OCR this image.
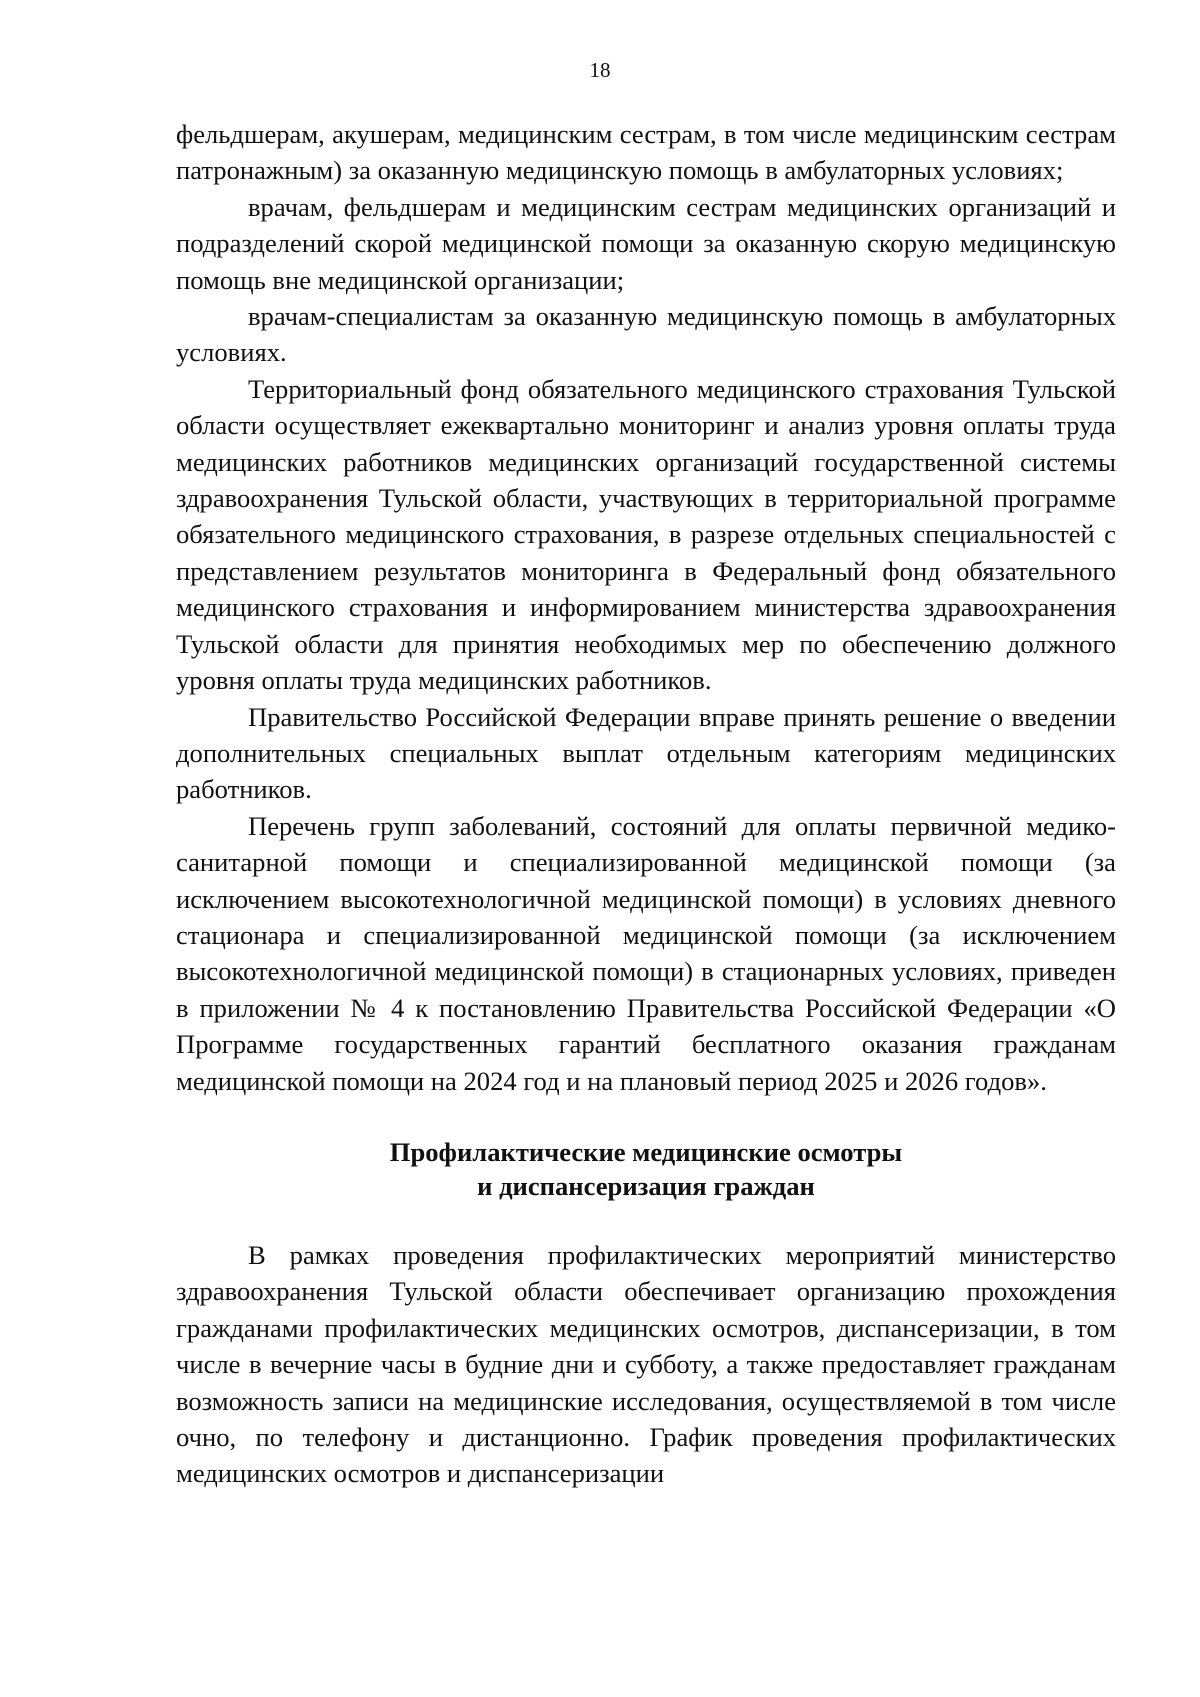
18

фельдшерам, акушерам, медицинским сестрам, в том числе медицинским сестрам патронажным) за оказанную медицинскую помощь в амбулаторных условиях;

врачам, фельдшерам и медицинским сестрам медицинских организаций и подразделений скорой медицинской помощи за оказанную скорую медицинскую помощь вне медицинской организации;

врачам-специалистам за оказанную медицинскую помощь в амбулаторных условиях.

Территориальный фонд обязательного медицинского страхования Тульской области осуществляет ежеквартально мониторинг и анализ уровня оплаты труда медицинских работников медицинских организаций государственной системы здравоохранения Тульской области, участвующих в территориальной программе обязательного медицинского страхования, в разрезе отдельных специальностей с представлением результатов мониторинга в Федеральный фонд обязательного медицинского страхования и информированием министерства здравоохранения Тульской области для принятия необходимых мер по обеспечению должного уровня оплаты труда медицинских работников.

Правительство Российской Федерации вправе принять решение о введении дополнительных специальных выплат отдельным категориям медицинских работников.

Перечень групп заболеваний, состояний для оплаты первичной медико-санитарной помощи и специализированной медицинской помощи (за исключением высокотехнологичной медицинской помощи) в условиях дневного стационара и специализированной медицинской помощи (за исключением высокотехнологичной медицинской помощи) в стационарных условиях, приведен в приложении № 4 к постановлению Правительства Российской Федерации «О Программе государственных гарантий бесплатного оказания гражданам медицинской помощи на 2024 год и на плановый период 2025 и 2026 годов».

Профилактические медицинские осмотры
и диспансеризация граждан

В рамках проведения профилактических мероприятий министерство здравоохранения Тульской области обеспечивает организацию прохождения гражданами профилактических медицинских осмотров, диспансеризации, в том числе в вечерние часы в будние дни и субботу, а также предоставляет гражданам возможность записи на медицинские исследования, осуществляемой в том числе очно, по телефону и дистанционно. График проведения профилактических медицинских осмотров и диспансеризации
